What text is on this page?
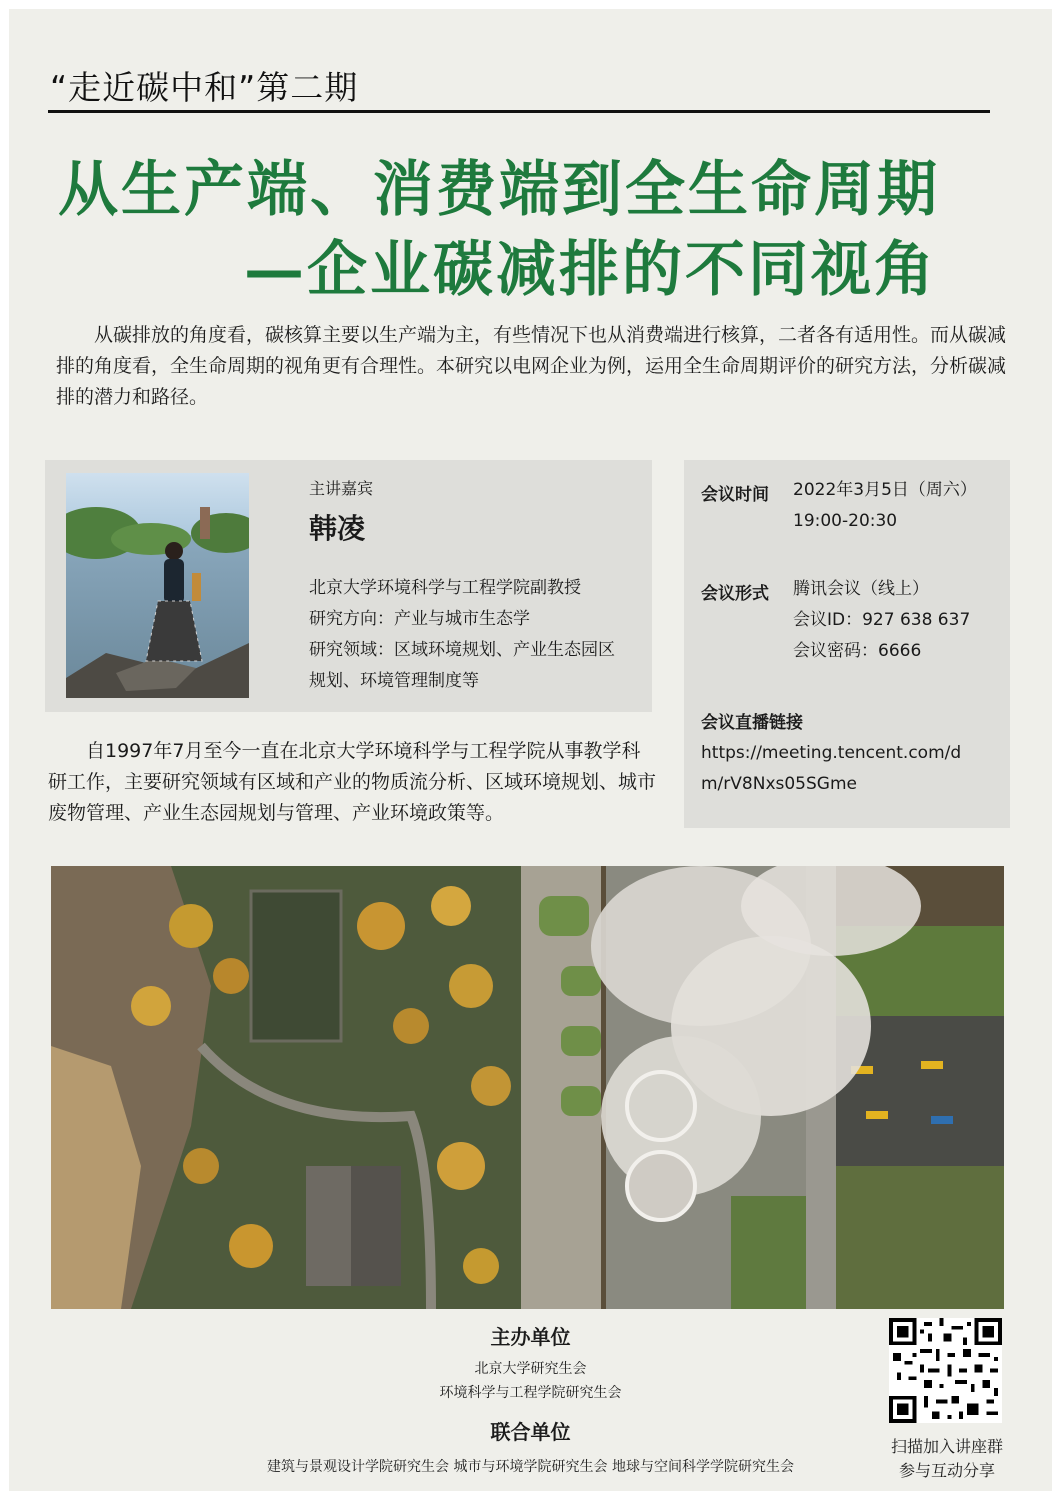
“走近碳中和”第二期
从生产端、消费端到全生命周期
—企业碳减排的不同视角
从碳排放的角度看，碳核算主要以生产端为主，有些情况下也从消费端进行核算，二者各有适用性。而从碳减排的角度看，全生命周期的视角更有合理性。本研究以电网企业为例，运用全生命周期评价的研究方法，分析碳减排的潜力和路径。
主讲嘉宾
韩凌
北京大学环境科学与工程学院副教授
研究方向：产业与城市生态学
研究领域：区域环境规划、产业生态园区
规划、环境管理制度等
自1997年7月至今一直在北京大学环境科学与工程学院从事教学科研工作，主要研究领域有区域和产业的物质流分析、区域环境规划、城市废物管理、产业生态园规划与管理、产业环境政策等。
会议时间 2022年3月5日（周六）
19:00-20:30
会议形式 腾讯会议（线上）
会议ID：927 638 637
会议密码：6666
会议直播链接
https://meeting.tencent.com/dm/rV8Nxs05SGme
主办单位
北京大学研究生会
环境科学与工程学院研究生会
联合单位
建筑与景观设计学院研究生会 城市与环境学院研究生会 地球与空间科学学院研究生会
扫描加入讲座群
参与互动分享
